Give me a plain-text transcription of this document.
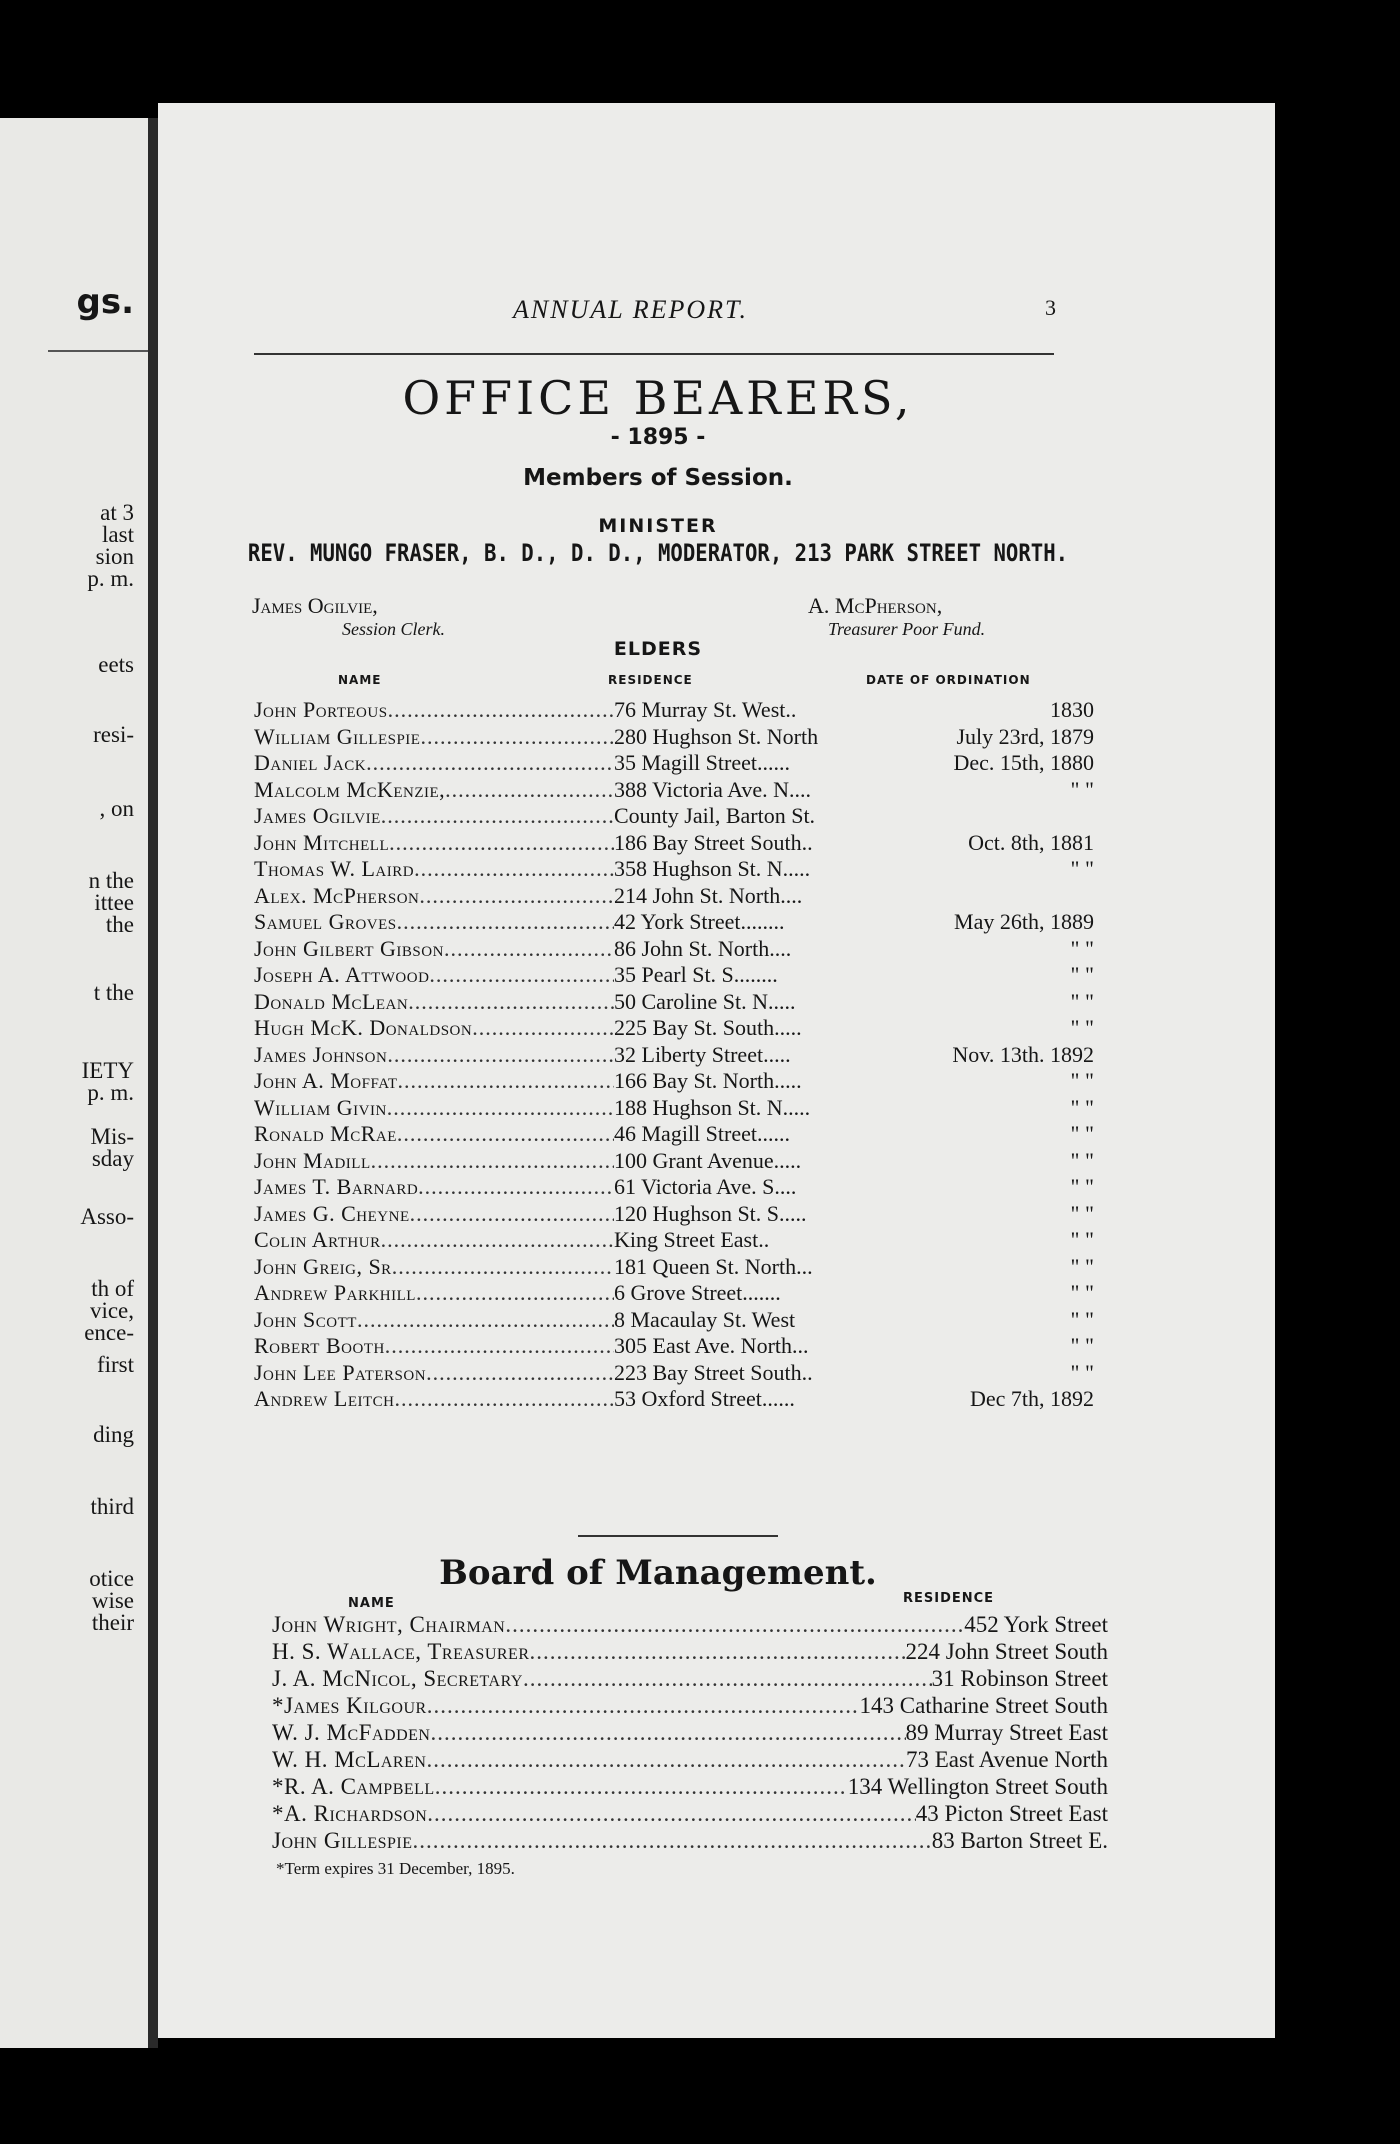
gs.
at 3
last
sion
p. m.
eets
resi-
, on
n the
ittee
the
t the
IETY
p. m.
Mis-
sday
Asso-
th of
vice,
ence-
first
ding
third
otice
wise
their
ANNUAL REPORT.	3
OFFICE BEARERS,
- 1895 -
Members of Session.
MINISTER
REV. MUNGO FRASER, B. D., D. D., MODERATOR, 213 PARK STREET NORTH.
James Ogilvie,
Session Clerk.
A. McPherson,
Treasurer Poor Fund.
ELDERS
NAME	RESIDENCE	DATE OF ORDINATION
John Porteous .....	76 Murray St. West..	1830
William Gillespie .....	280 Hughson St. North	July 23rd, 1879
Daniel Jack .....	35 Magill Street......	Dec. 15th, 1880
Malcolm McKenzie, .....	388 Victoria Ave. N....	" "
James Ogilvie .....	County Jail, Barton St.
John Mitchell .....	186 Bay Street South..	Oct. 8th, 1881
Thomas W. Laird .....	358 Hughson St. N.....	" "
Alex. McPherson .....	214 John St. North....
Samuel Groves .....	42 York Street........	May 26th, 1889
John Gilbert Gibson .....	86 John St. North....	" "
Joseph A. Attwood .....	35 Pearl St. S........	" "
Donald McLean .....	50 Caroline St. N.....	" "
Hugh McK. Donaldson .....	225 Bay St. South.....	" "
James Johnson .....	32 Liberty Street.....	Nov. 13th. 1892
John A. Moffat .....	166 Bay St. North.....	" "
William Givin .....	188 Hughson St. N.....	" "
Ronald McRae .....	46 Magill Street......	" "
John Madill .....	100 Grant Avenue.....	" "
James T. Barnard .....	61 Victoria Ave. S....	" "
James G. Cheyne .....	120 Hughson St. S.....	" "
Colin Arthur .....	King Street East..	" "
John Greig, Sr .....	181 Queen St. North...	" "
Andrew Parkhill .....	6 Grove Street.......	" "
John Scott .....	8 Macaulay St. West	" "
Robert Booth .....	305 East Ave. North...	" "
John Lee Paterson .....	223 Bay Street South..	" "
Andrew Leitch .....	53 Oxford Street......	Dec 7th, 1892
Board of Management.
NAME	RESIDENCE
John Wright, Chairman .....	452 York Street
H. S. Wallace, Treasurer .....	224 John Street South
J. A. McNicol, Secretary .....	31 Robinson Street
*James Kilgour .....	143 Catharine Street South
W. J. McFadden .....	89 Murray Street East
W. H. McLaren .....	73 East Avenue North
*R. A. Campbell .....	134 Wellington Street South
*A. Richardson .....	43 Picton Street East
John Gillespie .....	83 Barton Street E.
*Term expires 31 December, 1895.
